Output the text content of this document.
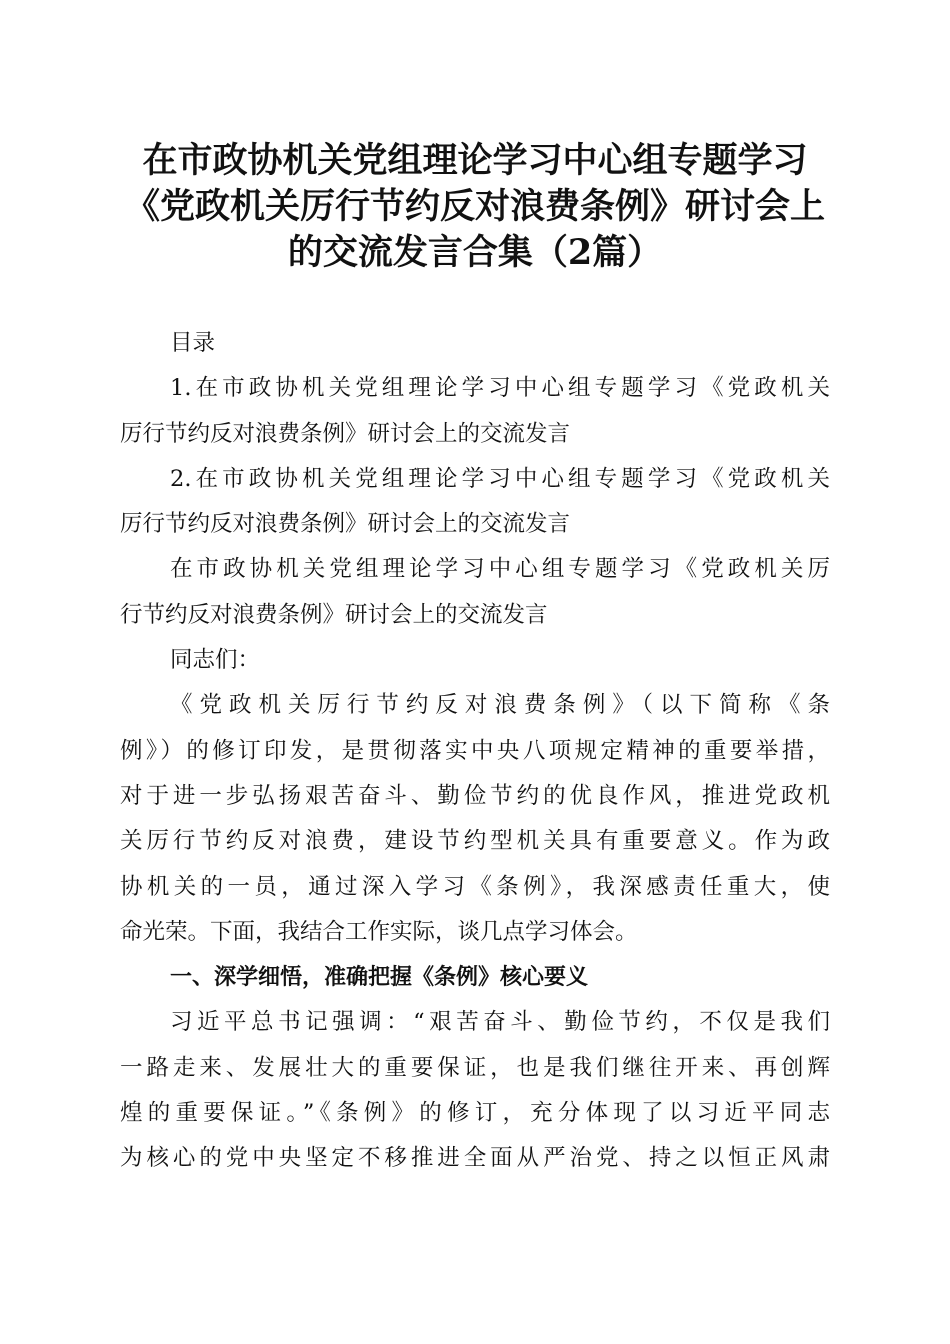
在市政协机关党组理论学习中心组专题学习
《党政机关厉行节约反对浪费条例》研讨会上
的交流发言合集（2篇）
目录
1.在市政协机关党组理论学习中心组专题学习《党政机关
厉行节约反对浪费条例》研讨会上的交流发言
2.在市政协机关党组理论学习中心组专题学习《党政机关
厉行节约反对浪费条例》研讨会上的交流发言
在市政协机关党组理论学习中心组专题学习《党政机关厉
行节约反对浪费条例》研讨会上的交流发言
同志们：
《党政机关厉行节约反对浪费条例》（以下简称《条
例》）的修订印发，是贯彻落实中央八项规定精神的重要举措，
对于进一步弘扬艰苦奋斗、勤俭节约的优良作风，推进党政机
关厉行节约反对浪费，建设节约型机关具有重要意义。作为政
协机关的一员，通过深入学习《条例》，我深感责任重大，使
命光荣。下面，我结合工作实际，谈几点学习体会。
一、深学细悟，准确把握《条例》核心要义
习近平总书记强调：“艰苦奋斗、勤俭节约，不仅是我们
一路走来、发展壮大的重要保证，也是我们继往开来、再创辉
煌的重要保证。”《条例》的修订，充分体现了以习近平同志
为核心的党中央坚定不移推进全面从严治党、持之以恒正风肃
